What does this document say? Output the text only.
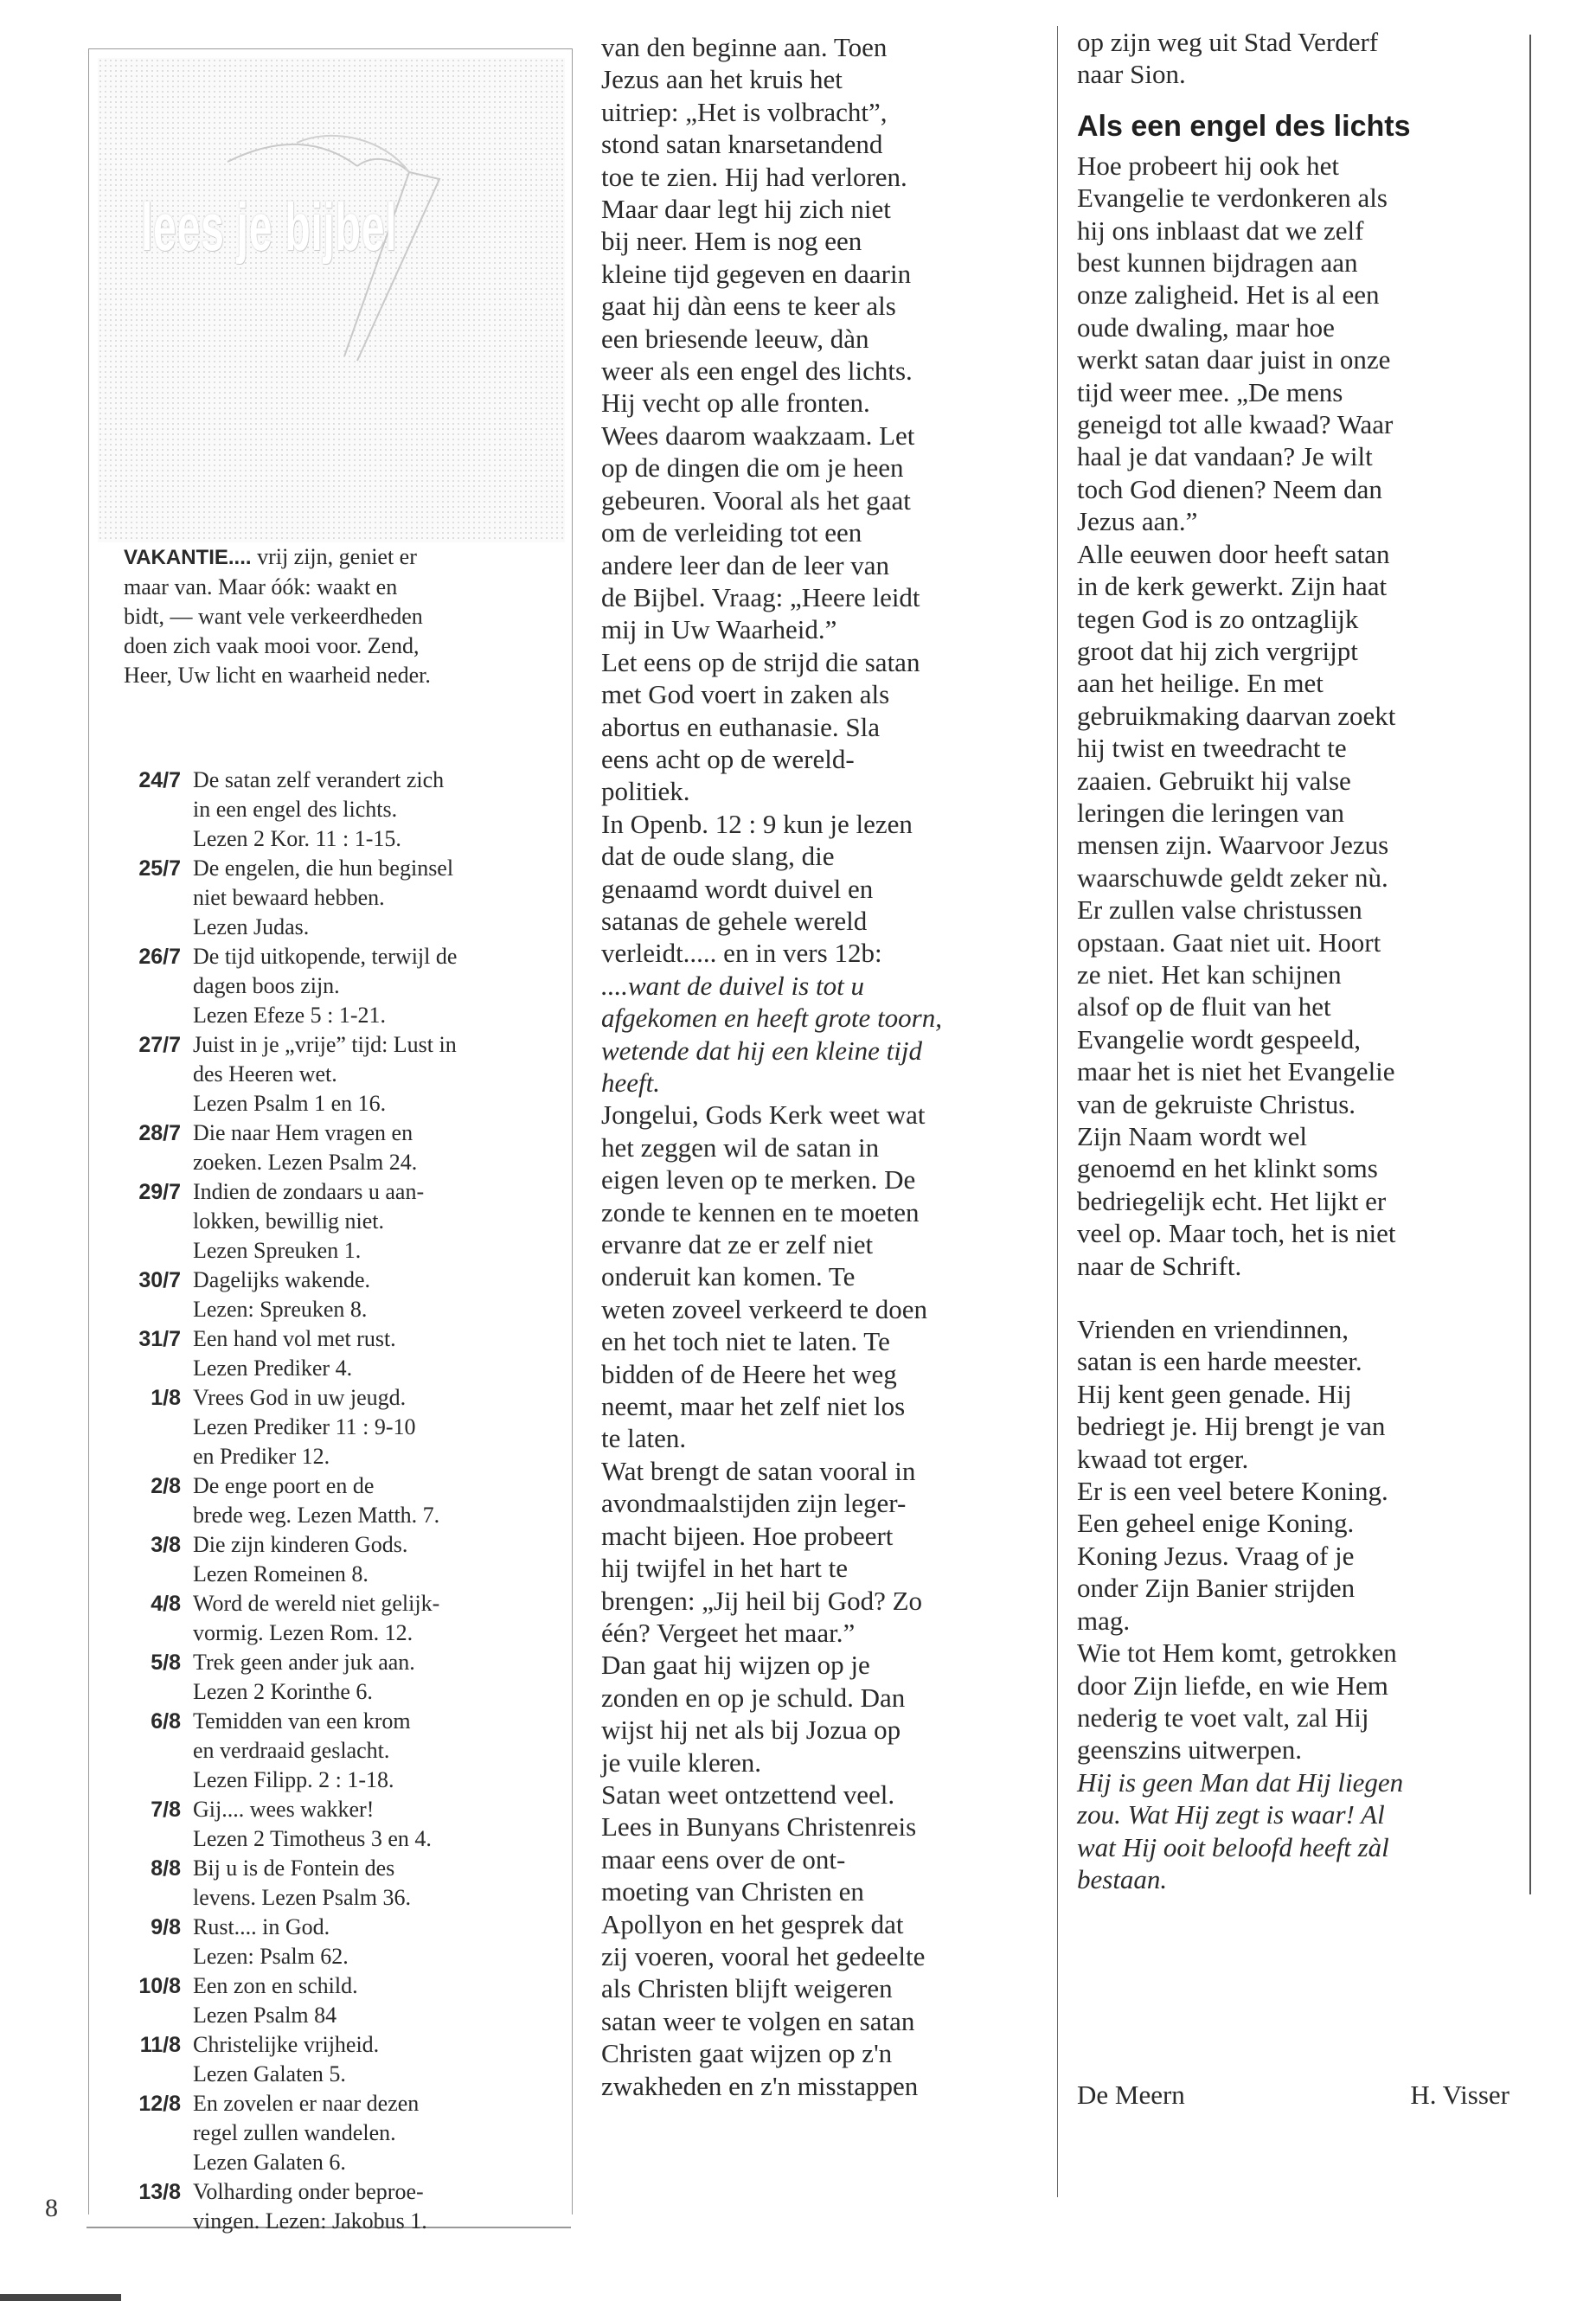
8
lees je bijbel
VAKANTIE.... vrij zijn, geniet er
maar van. Maar óók: waakt en
bidt, — want vele verkeerdheden
doen zich vaak mooi voor. Zend,
Heer, Uw licht en waarheid neder.
24/7 De satan zelf verandert zich
in een engel des lichts.
Lezen 2 Kor. 11 : 1-15.
25/7 De engelen, die hun beginsel
niet bewaard hebben.
Lezen Judas.
26/7 De tijd uitkopende, terwijl de
dagen boos zijn.
Lezen Efeze 5 : 1-21.
27/7 Juist in je „vrije” tijd: Lust in
des Heeren wet.
Lezen Psalm 1 en 16.
28/7 Die naar Hem vragen en
zoeken. Lezen Psalm 24.
29/7 Indien de zondaars u aan-
lokken, bewillig niet.
Lezen Spreuken 1.
30/7 Dagelijks wakende.
Lezen: Spreuken 8.
31/7 Een hand vol met rust.
Lezen Prediker 4.
1/8 Vrees God in uw jeugd.
Lezen Prediker 11 : 9-10
en Prediker 12.
2/8 De enge poort en de
brede weg. Lezen Matth. 7.
3/8 Die zijn kinderen Gods.
Lezen Romeinen 8.
4/8 Word de wereld niet gelijk-
vormig. Lezen Rom. 12.
5/8 Trek geen ander juk aan.
Lezen 2 Korinthe 6.
6/8 Temidden van een krom
en verdraaid geslacht.
Lezen Filipp. 2 : 1-18.
7/8 Gij.... wees wakker!
Lezen 2 Timotheus 3 en 4.
8/8 Bij u is de Fontein des
levens. Lezen Psalm 36.
9/8 Rust.... in God.
Lezen: Psalm 62.
10/8 Een zon en schild.
Lezen Psalm 84
11/8 Christelijke vrijheid.
Lezen Galaten 5.
12/8 En zovelen er naar dezen
regel zullen wandelen.
Lezen Galaten 6.
13/8 Volharding onder beproe-
vingen. Lezen: Jakobus 1.
van den beginne aan. Toen
Jezus aan het kruis het
uitriep: „Het is volbracht”,
stond satan knarsetandend
toe te zien. Hij had verloren.
Maar daar legt hij zich niet
bij neer. Hem is nog een
kleine tijd gegeven en daarin
gaat hij dàn eens te keer als
een briesende leeuw, dàn
weer als een engel des lichts.
Hij vecht op alle fronten.
Wees daarom waakzaam. Let
op de dingen die om je heen
gebeuren. Vooral als het gaat
om de verleiding tot een
andere leer dan de leer van
de Bijbel. Vraag: „Heere leidt
mij in Uw Waarheid.”
Let eens op de strijd die satan
met God voert in zaken als
abortus en euthanasie. Sla
eens acht op de wereld-
politiek.
In Openb. 12 : 9 kun je lezen
dat de oude slang, die
genaamd wordt duivel en
satanas de gehele wereld
verleidt..... en in vers 12b:
....want de duivel is tot u
afgekomen en heeft grote toorn,
wetende dat hij een kleine tijd
heeft.
Jongelui, Gods Kerk weet wat
het zeggen wil de satan in
eigen leven op te merken. De
zonde te kennen en te moeten
ervanre dat ze er zelf niet
onderuit kan komen. Te
weten zoveel verkeerd te doen
en het toch niet te laten. Te
bidden of de Heere het weg
neemt, maar het zelf niet los
te laten.
Wat brengt de satan vooral in
avondmaalstijden zijn leger-
macht bijeen. Hoe probeert
hij twijfel in het hart te
brengen: „Jij heil bij God? Zo
één? Vergeet het maar.”
Dan gaat hij wijzen op je
zonden en op je schuld. Dan
wijst hij net als bij Jozua op
je vuile kleren.
Satan weet ontzettend veel.
Lees in Bunyans Christenreis
maar eens over de ont-
moeting van Christen en
Apollyon en het gesprek dat
zij voeren, vooral het gedeelte
als Christen blijft weigeren
satan weer te volgen en satan
Christen gaat wijzen op z'n
zwakheden en z'n misstappen
op zijn weg uit Stad Verderf
naar Sion.
Als een engel des lichts
Hoe probeert hij ook het
Evangelie te verdonkeren als
hij ons inblaast dat we zelf
best kunnen bijdragen aan
onze zaligheid. Het is al een
oude dwaling, maar hoe
werkt satan daar juist in onze
tijd weer mee. „De mens
geneigd tot alle kwaad? Waar
haal je dat vandaan? Je wilt
toch God dienen? Neem dan
Jezus aan.”
Alle eeuwen door heeft satan
in de kerk gewerkt. Zijn haat
tegen God is zo ontzaglijk
groot dat hij zich vergrijpt
aan het heilige. En met
gebruikmaking daarvan zoekt
hij twist en tweedracht te
zaaien. Gebruikt hij valse
leringen die leringen van
mensen zijn. Waarvoor Jezus
waarschuwde geldt zeker nù.
Er zullen valse christussen
opstaan. Gaat niet uit. Hoort
ze niet. Het kan schijnen
alsof op de fluit van het
Evangelie wordt gespeeld,
maar het is niet het Evangelie
van de gekruiste Christus.
Zijn Naam wordt wel
genoemd en het klinkt soms
bedriegelijk echt. Het lijkt er
veel op. Maar toch, het is niet
naar de Schrift.
Vrienden en vriendinnen,
satan is een harde meester.
Hij kent geen genade. Hij
bedriegt je. Hij brengt je van
kwaad tot erger.
Er is een veel betere Koning.
Een geheel enige Koning.
Koning Jezus. Vraag of je
onder Zijn Banier strijden
mag.
Wie tot Hem komt, getrokken
door Zijn liefde, en wie Hem
nederig te voet valt, zal Hij
geenszins uitwerpen.
Hij is geen Man dat Hij liegen
zou. Wat Hij zegt is waar! Al
wat Hij ooit beloofd heeft zàl
bestaan.
De Meern	H. Visser
